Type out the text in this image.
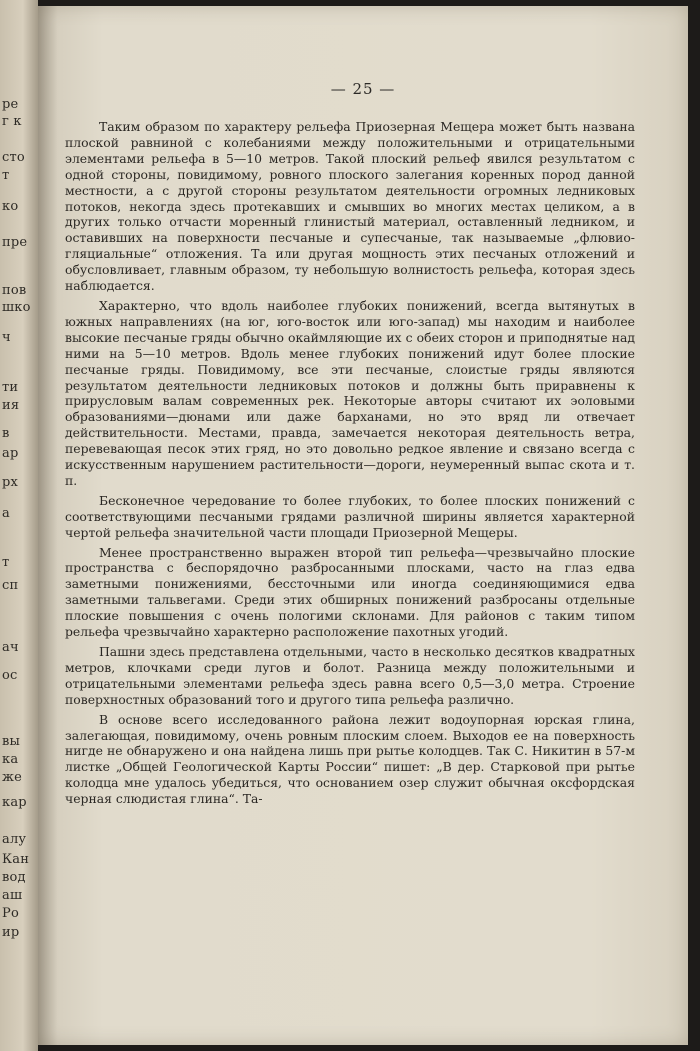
pe
г к
сто
т
ко
пре
пов
шко
ч
ти
ия
в
ар
рх
а
т
сп
ач
ос
вы
ка
же
кар
алу
Кан
вод
аш
Ро
ир
— 25 —

Таким образом по характеру рельефа Приозерная Мещера может быть названа плоской равниной с колебаниями между положительными и отрицательными элементами рельефа в 5—10 метров. Такой плоский рельеф явился результатом с одной стороны, повидимому, ровного плоского залегания коренных пород данной местности, а с другой стороны результатом деятельности огромных ледниковых потоков, некогда здесь протекавших и смывших во многих местах целиком, а в других только отчасти моренный глинистый материал, оставленный ледником, и оставивших на поверхности песчаные и супесчаные, так называемые „флювио-гляциальные“ отложения. Та или другая мощность этих песчаных отложений и обусловливает, главным образом, ту небольшую волнистость рельефа, которая здесь наблюдается.

Характерно, что вдоль наиболее глубоких понижений, всегда вытянутых в южных направлениях (на юг, юго-восток или юго-запад) мы находим и наиболее высокие песчаные гряды обычно окаймляющие их с обеих сторон и приподнятые над ними на 5—10 метров. Вдоль менее глубоких понижений идут более плоские песчаные гряды. Повидимому, все эти песчаные, слоистые гряды являются результатом деятельности ледниковых потоков и должны быть приравнены к прирусловым валам современных рек. Некоторые авторы считают их эоловыми образованиями—дюнами или даже барханами, но это вряд ли отвечает действительности. Местами, правда, замечается некоторая деятельность ветра, перевевающая песок этих гряд, но это довольно редкое явление и связано всегда с искусственным нарушением растительности—дороги, неумеренный выпас скота и т. п.

Бесконечное чередование то более глубоких, то более плоских понижений с соответствующими песчаными грядами различной ширины является характерной чертой рельефа значительной части площади Приозерной Мещеры.

Менее пространственно выражен второй тип рельефа—чрезвычайно плоские пространства с беспорядочно разбросанными плосками, часто на глаз едва заметными понижениями, бессточными или иногда соединяющимися едва заметными тальвегами. Среди этих обширных понижений разбросаны отдельные плоские повышения с очень пологими склонами. Для районов с таким типом рельефа чрезвычайно характерно расположение пахотных угодий.

Пашни здесь представлена отдельными, часто в несколько десятков квадратных метров, клочками среди лугов и болот. Разница между положительными и отрицательными элементами рельефа здесь равна всего 0,5—3,0 метра. Строение поверхностных образований того и другого типа рельефа различно.

В основе всего исследованного района лежит водоупорная юрская глина, залегающая, повидимому, очень ровным плоским слоем. Выходов ее на поверхность нигде не обнаружено и она найдена лишь при рытье колодцев. Так С. Никитин в 57-м листке „Общей Геологической Карты России“ пишет: „В дер. Старковой при рытье колодца мне удалось убедиться, что основанием озер служит обычная оксфордская черная слюдистая глина“. Та-
